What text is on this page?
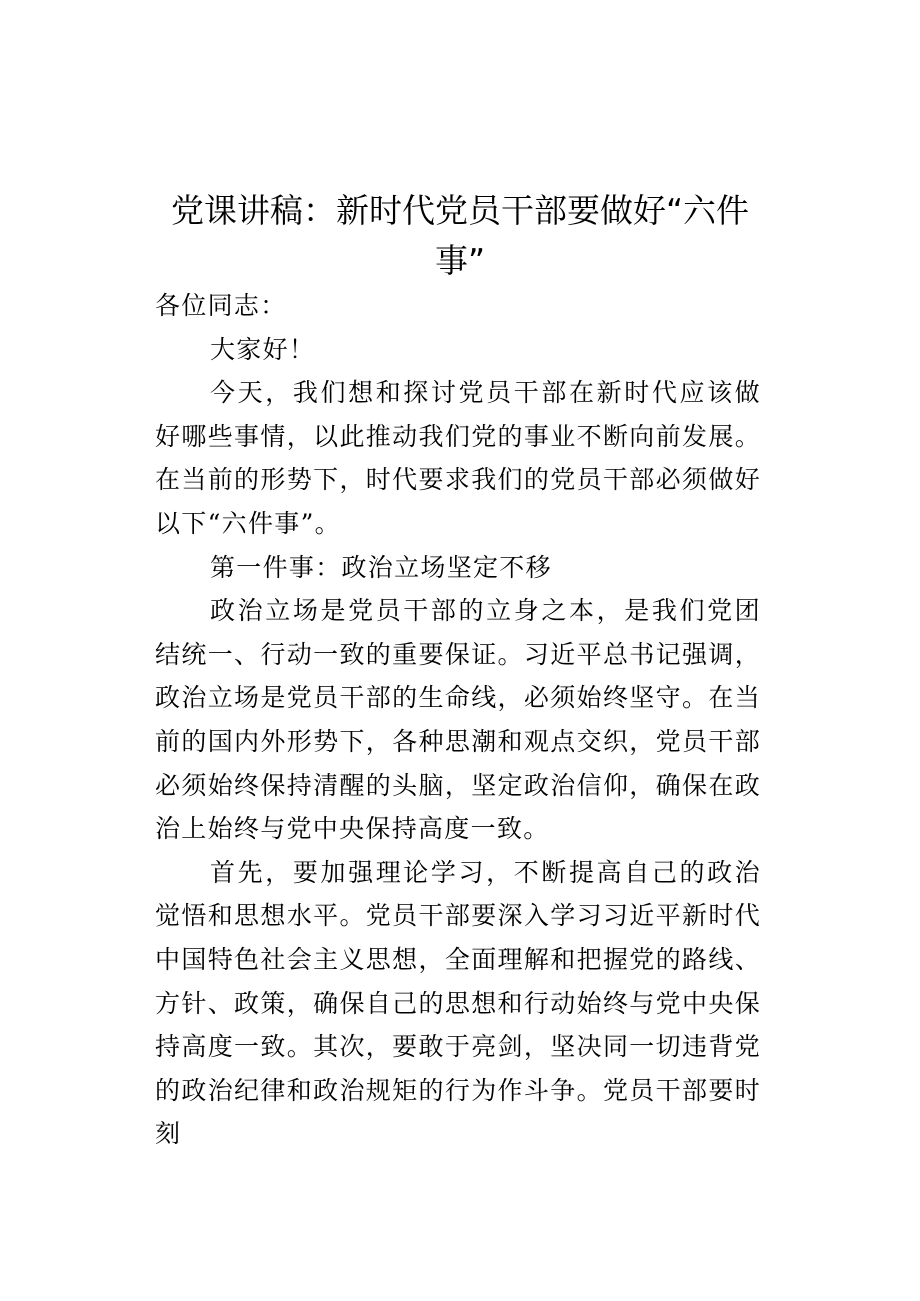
党课讲稿：新时代党员干部要做好“六件事”

各位同志：

大家好！

今天，我们想和探讨党员干部在新时代应该做好哪些事情，以此推动我们党的事业不断向前发展。在当前的形势下，时代要求我们的党员干部必须做好以下“六件事”。

第一件事：政治立场坚定不移

政治立场是党员干部的立身之本，是我们党团结统一、行动一致的重要保证。习近平总书记强调，政治立场是党员干部的生命线，必须始终坚守。在当前的国内外形势下，各种思潮和观点交织，党员干部必须始终保持清醒的头脑，坚定政治信仰，确保在政治上始终与党中央保持高度一致。

首先，要加强理论学习，不断提高自己的政治觉悟和思想水平。党员干部要深入学习习近平新时代中国特色社会主义思想，全面理解和把握党的路线、方针、政策，确保自己的思想和行动始终与党中央保持高度一致。其次，要敢于亮剑，坚决同一切违背党的政治纪律和政治规矩的行为作斗争。党员干部要时刻
